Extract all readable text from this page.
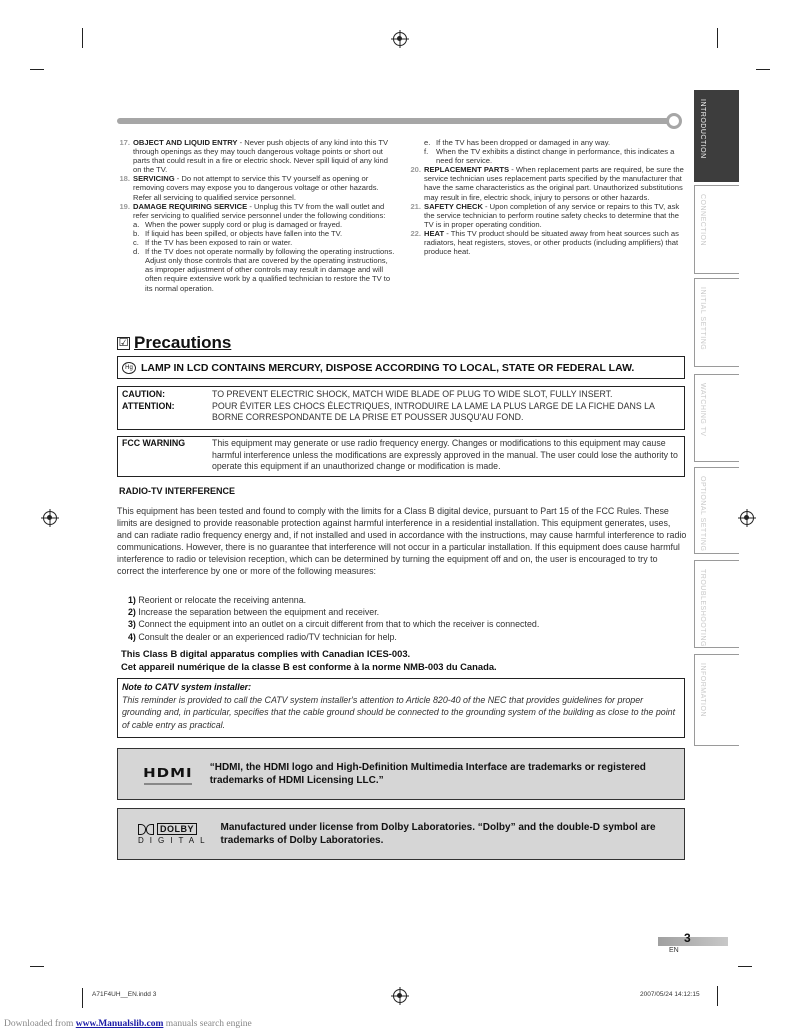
INTRODUCTION
CONNECTION
INITIAL SETTING
WATCHING TV
OPTIONAL SETTING
TROUBLESHOOTING
INFORMATION
17. OBJECT AND LIQUID ENTRY - Never push objects of any kind into this TV through openings as they may touch dangerous voltage points or short out parts that could result in a fire or electric shock. Never spill liquid of any kind on the TV.
18. SERVICING - Do not attempt to service this TV yourself as opening or removing covers may expose you to dangerous voltage or other hazards. Refer all servicing to qualified service personnel.
19. DAMAGE REQUIRING SERVICE - Unplug this TV from the wall outlet and refer servicing to qualified service personnel under the following conditions:
a. When the power supply cord or plug is damaged or frayed.
b. If liquid has been spilled, or objects have fallen into the TV.
c. If the TV has been exposed to rain or water.
d. If the TV does not operate normally by following the operating instructions. Adjust only those controls that are covered by the operating instructions, as improper adjustment of other controls may result in damage and will often require extensive work by a qualified technician to restore the TV to its normal operation.
e. If the TV has been dropped or damaged in any way.
f.	When the TV exhibits a distinct change in performance, this indicates a need for service.
20. REPLACEMENT PARTS - When replacement parts are required, be sure the service technician uses replacement parts specified by the manufacturer that have the same characteristics as the original part. Unauthorized substitutions may result in fire, electric shock, injury to persons or other hazards.
21. SAFETY CHECK - Upon completion of any service or repairs to this TV, ask the service technician to perform routine safety checks to determine that the TV is in proper operating condition.
22. HEAT - This TV product should be situated away from heat sources such as radiators, heat registers, stoves, or other products (including amplifiers) that produce heat.
☑ Precautions
Hg LAMP IN LCD CONTAINS MERCURY, DISPOSE ACCORDING TO LOCAL, STATE OR FEDERAL LAW.
CAUTION:	TO PREVENT ELECTRIC SHOCK, MATCH WIDE BLADE OF PLUG TO WIDE SLOT, FULLY INSERT.
ATTENTION:	POUR ÉVITER LES CHOCS ÉLECTRIQUES, INTRODUIRE LA LAME LA PLUS LARGE DE LA FICHE DANS LA BORNE CORRESPONDANTE DE LA PRISE ET POUSSER JUSQU'AU FOND.
FCC WARNING	This equipment may generate or use radio frequency energy. Changes or modifications to this equipment may cause harmful interference unless the modifications are expressly approved in the manual. The user could lose the authority to operate this equipment if an unauthorized change or modification is made.
RADIO-TV INTERFERENCE
This equipment has been tested and found to comply with the limits for a Class B digital device, pursuant to Part 15 of the FCC Rules. These limits are designed to provide reasonable protection against harmful interference in a residential installation. This equipment generates, uses, and can radiate radio frequency energy and, if not installed and used in accordance with the instructions, may cause harmful interference to radio communications. However, there is no guarantee that interference will not occur in a particular installation. If this equipment does cause harmful interference to radio or television reception, which can be determined by turning the equipment off and on, the user is encouraged to try to correct the interference by one or more of the following measures:
1) Reorient or relocate the receiving antenna.
2) Increase the separation between the equipment and receiver.
3) Connect the equipment into an outlet on a circuit different from that to which the receiver is connected.
4) Consult the dealer or an experienced radio/TV technician for help.
This Class B digital apparatus complies with Canadian ICES-003.
Cet appareil numérique de la classe B est conforme à la norme NMB-003 du Canada.
Note to CATV system installer:
This reminder is provided to call the CATV system installer's attention to Article 820-40 of the NEC that provides guidelines for proper grounding and, in particular, specifies that the cable ground should be connected to the grounding system of the building as close to the point of cable entry as practical.
HDMI	“HDMI, the HDMI logo and High-Definition Multimedia Interface are trademarks or registered trademarks of HDMI Licensing LLC.”
DOLBY
DIGITAL
Manufactured under license from Dolby Laboratories. “Dolby” and the double-D symbol are trademarks of Dolby Laboratories.
3
EN
A71F4UH__EN.indd 3	2007/05/24 14:12:15
Downloaded from www.Manualslib.com manuals search engine
